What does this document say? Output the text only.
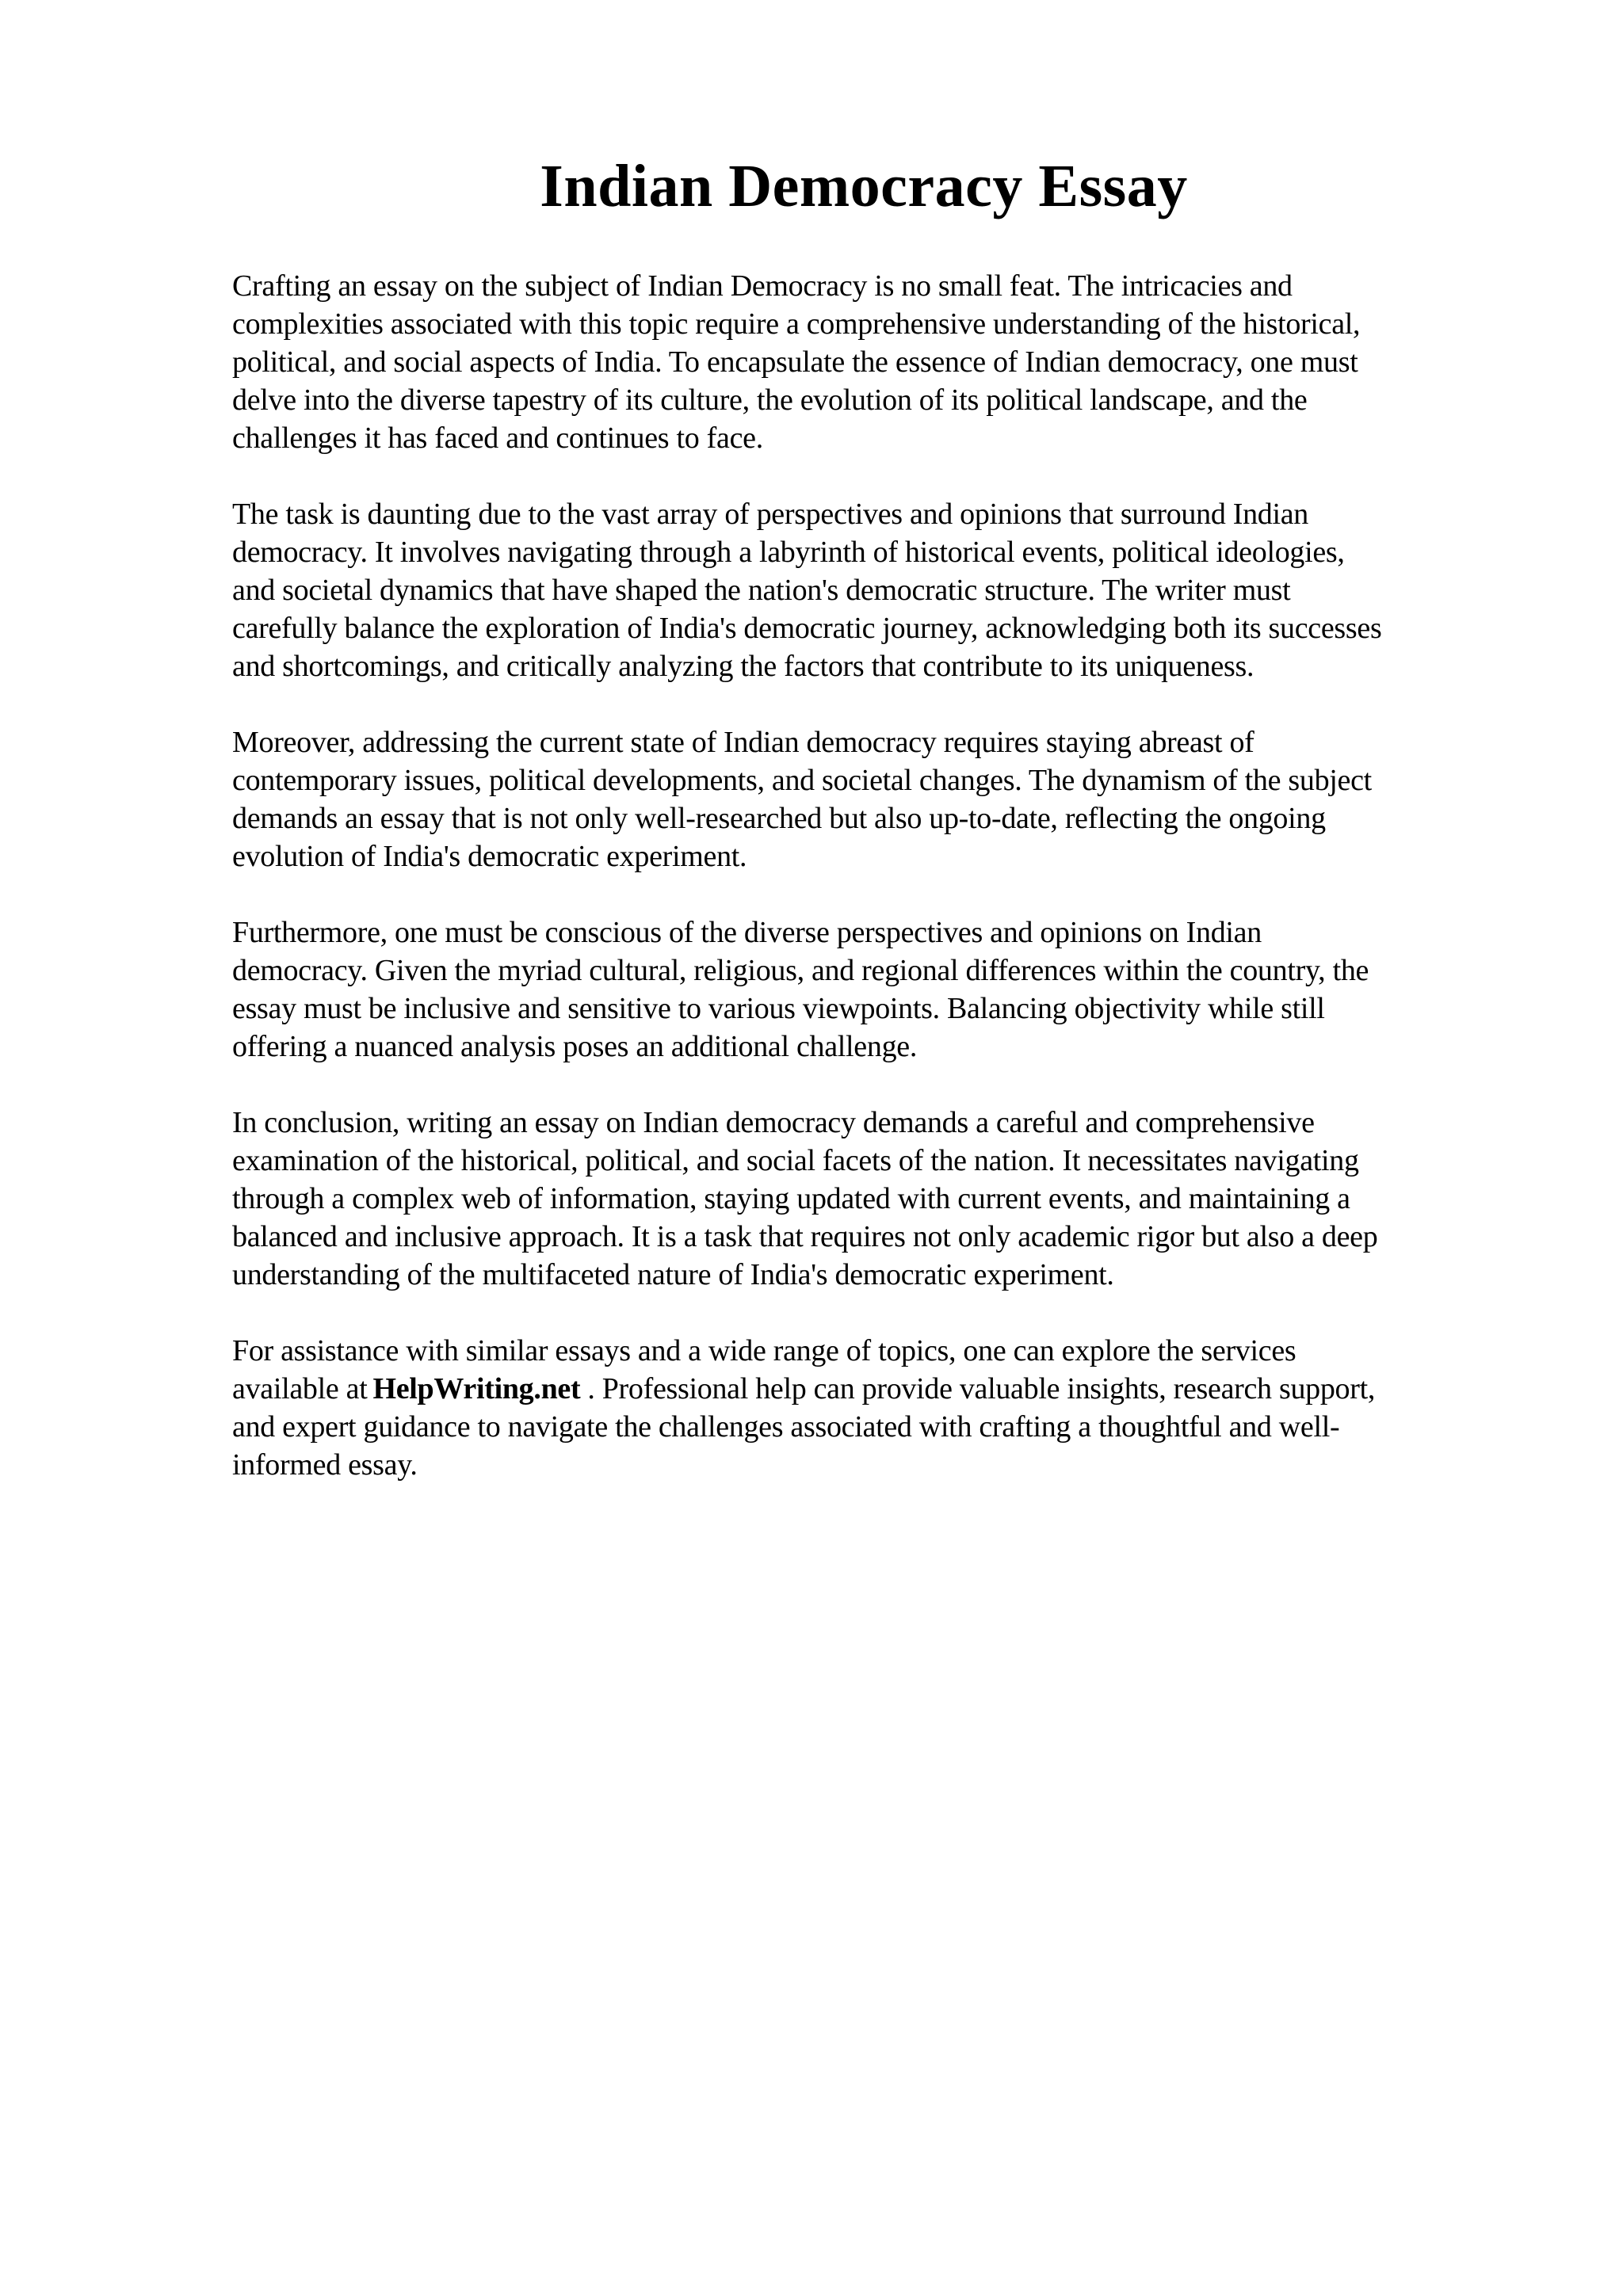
Indian Democracy Essay

Crafting an essay on the subject of Indian Democracy is no small feat. The intricacies and
complexities associated with this topic require a comprehensive understanding of the historical,
political, and social aspects of India. To encapsulate the essence of Indian democracy, one must
delve into the diverse tapestry of its culture, the evolution of its political landscape, and the
challenges it has faced and continues to face.

The task is daunting due to the vast array of perspectives and opinions that surround Indian
democracy. It involves navigating through a labyrinth of historical events, political ideologies,
and societal dynamics that have shaped the nation's democratic structure. The writer must
carefully balance the exploration of India's democratic journey, acknowledging both its successes
and shortcomings, and critically analyzing the factors that contribute to its uniqueness.

Moreover, addressing the current state of Indian democracy requires staying abreast of
contemporary issues, political developments, and societal changes. The dynamism of the subject
demands an essay that is not only well-researched but also up-to-date, reflecting the ongoing
evolution of India's democratic experiment.

Furthermore, one must be conscious of the diverse perspectives and opinions on Indian
democracy. Given the myriad cultural, religious, and regional differences within the country, the
essay must be inclusive and sensitive to various viewpoints. Balancing objectivity while still
offering a nuanced analysis poses an additional challenge.

In conclusion, writing an essay on Indian democracy demands a careful and comprehensive
examination of the historical, political, and social facets of the nation. It necessitates navigating
through a complex web of information, staying updated with current events, and maintaining a
balanced and inclusive approach. It is a task that requires not only academic rigor but also a deep
understanding of the multifaceted nature of India's democratic experiment.

For assistance with similar essays and a wide range of topics, one can explore the services
available at HelpWriting.net . Professional help can provide valuable insights, research support,
and expert guidance to navigate the challenges associated with crafting a thoughtful and well-
informed essay.
